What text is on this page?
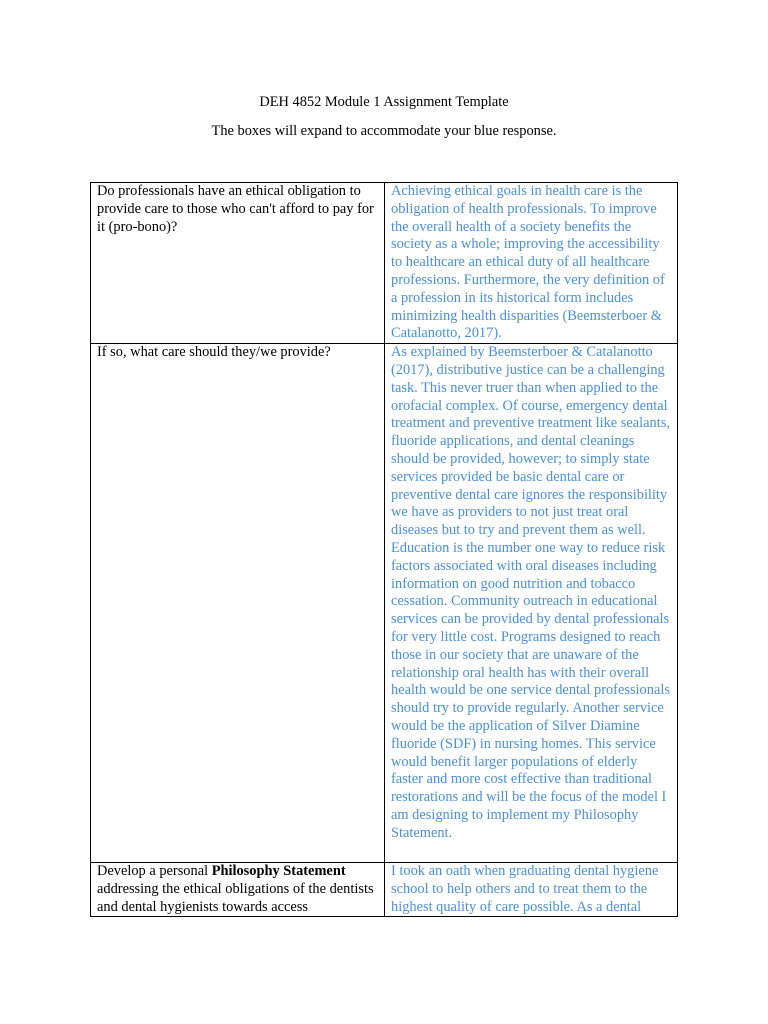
DEH 4852 Module 1 Assignment Template
The boxes will expand to accommodate your blue response.
Do professionals have an ethical obligation to provide care to those who can't afford to pay for it (pro-bono)?	Achieving ethical goals in health care is the obligation of health professionals. To improve the overall health of a society benefits the society as a whole; improving the accessibility to healthcare an ethical duty of all healthcare professions. Furthermore, the very definition of a profession in its historical form includes minimizing health disparities (Beemsterboer & Catalanotto, 2017).
If so, what care should they/we provide?	As explained by Beemsterboer & Catalanotto (2017), distributive justice can be a challenging task. This never truer than when applied to the orofacial complex. Of course, emergency dental treatment and preventive treatment like sealants, fluoride applications, and dental cleanings should be provided, however; to simply state services provided be basic dental care or preventive dental care ignores the responsibility we have as providers to not just treat oral diseases but to try and prevent them as well. Education is the number one way to reduce risk factors associated with oral diseases including information on good nutrition and tobacco cessation. Community outreach in educational services can be provided by dental professionals for very little cost. Programs designed to reach those in our society that are unaware of the relationship oral health has with their overall health would be one service dental professionals should try to provide regularly. Another service would be the application of Silver Diamine fluoride (SDF) in nursing homes. This service would benefit larger populations of elderly faster and more cost effective than traditional restorations and will be the focus of the model I am designing to implement my Philosophy Statement.

Develop a personal Philosophy Statement addressing the ethical obligations of the dentists and dental hygienists towards access	I took an oath when graduating dental hygiene school to help others and to treat them to the highest quality of care possible. As a dental
